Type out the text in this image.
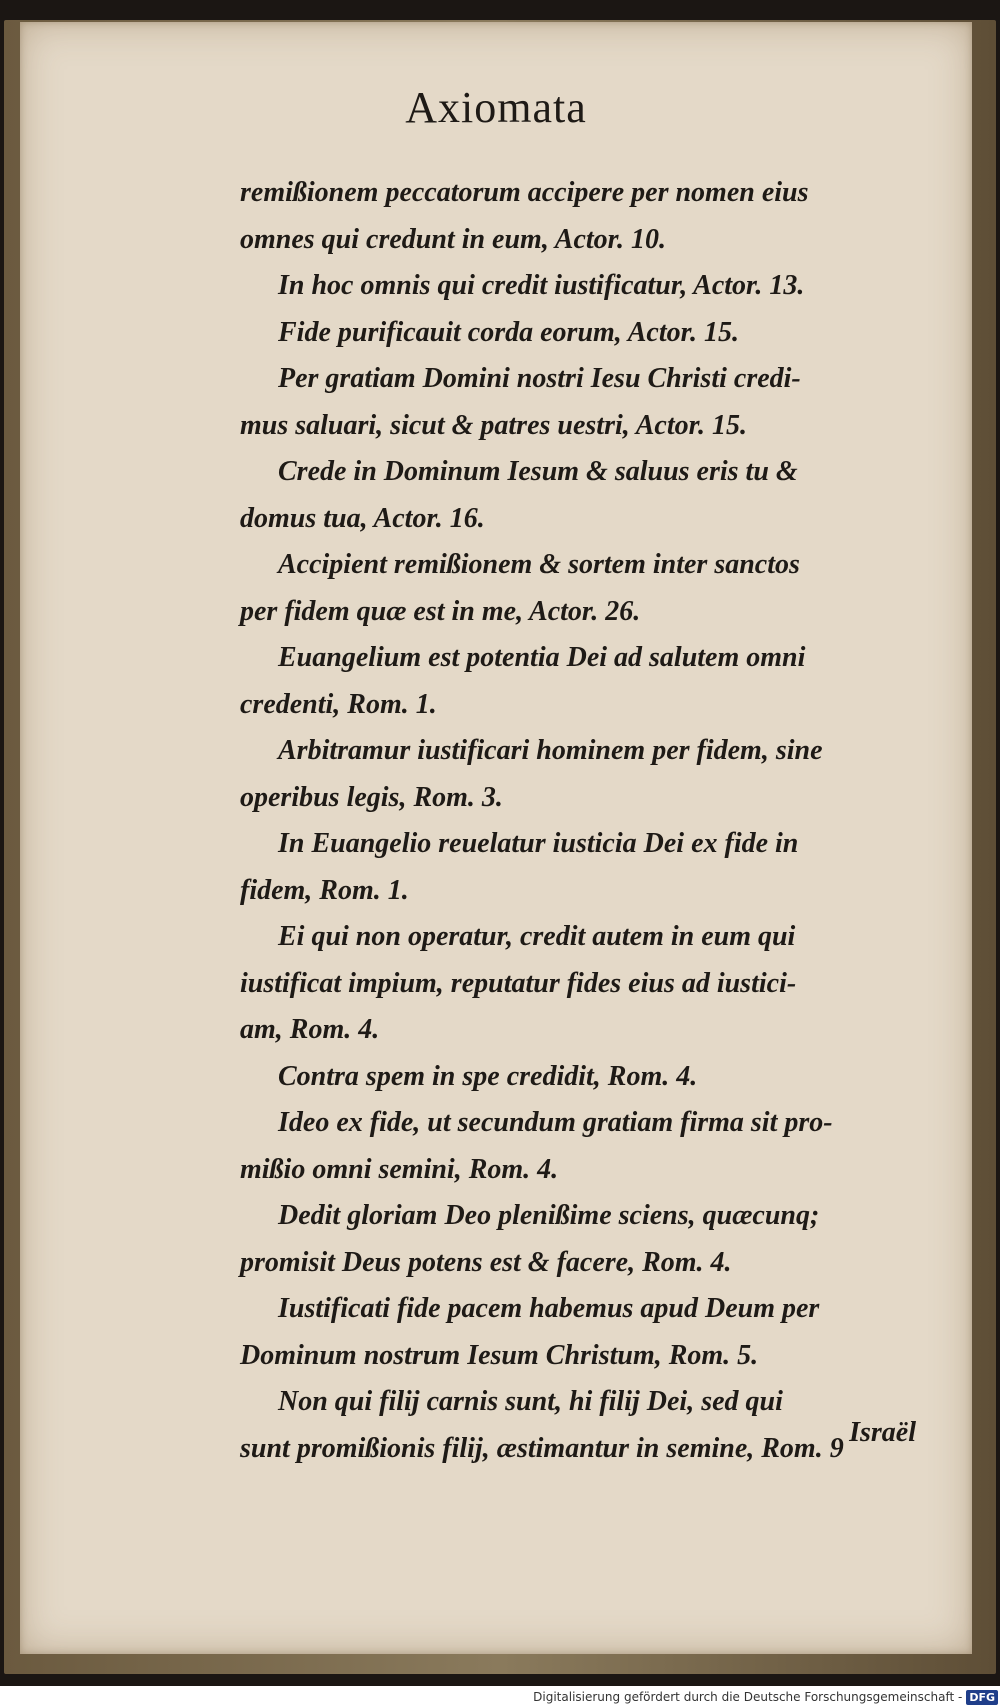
Axiomata
remißionem peccatorum accipere per nomen eius
omnes qui credunt in eum, Actor. 10.
In hoc omnis qui credit iustificatur, Actor. 13.
Fide purificauit corda eorum, Actor. 15.
Per gratiam Domini nostri Iesu Christi credi-
mus saluari, sicut & patres uestri, Actor. 15.
Crede in Dominum Iesum & saluus eris tu &
domus tua, Actor. 16.
Accipient remißionem & sortem inter sanctos
per fidem quæ est in me, Actor. 26.
Euangelium est potentia Dei ad salutem omni
credenti, Rom. 1.
Arbitramur iustificari hominem per fidem, sine
operibus legis, Rom. 3.
In Euangelio reuelatur iusticia Dei ex fide in
fidem, Rom. 1.
Ei qui non operatur, credit autem in eum qui
iustificat impium, reputatur fides eius ad iustici-
am, Rom. 4.
Contra spem in spe credidit, Rom. 4.
Ideo ex fide, ut secundum gratiam firma sit pro-
mißio omni semini, Rom. 4.
Dedit gloriam Deo plenißime sciens, quæcunq;
promisit Deus potens est & facere, Rom. 4.
Iustificati fide pacem habemus apud Deum per
Dominum nostrum Iesum Christum, Rom. 5.
Non qui filij carnis sunt, hi filij Dei, sed qui
sunt promißionis filij, æstimantur in semine, Rom. 9 Israël
Digitalisierung gefördert durch die Deutsche Forschungsgemeinschaft - DFG
